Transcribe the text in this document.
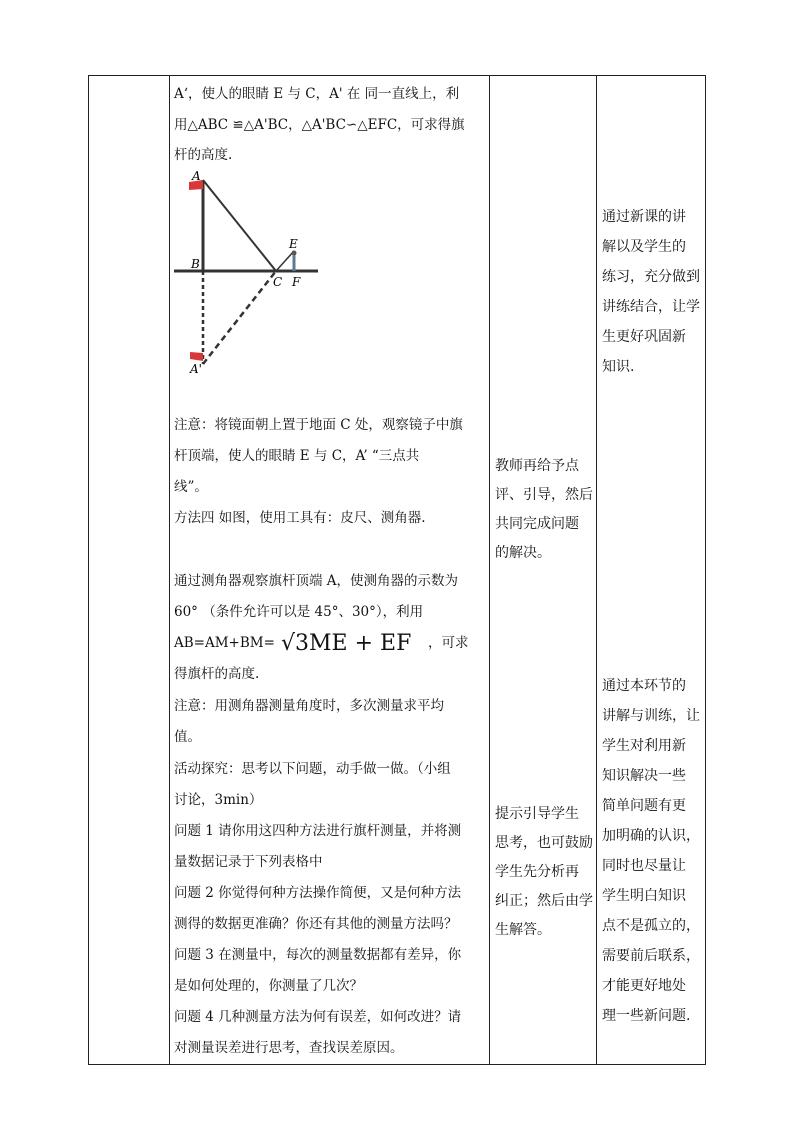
A‘，使人的眼睛 E 与 C，A' 在 同一直线上，利
用△ABC ≌△A'BC，△A'BC∽△EFC，可求得旗
杆的高度.
A
B
C F
E
A'
注意：将镜面朝上置于地面 C 处，观察镜子中旗
杆顶端，使人的眼睛 E 与 C，A’ “三点共
线”。
方法四 如图，使用工具有：皮尺、测角器.
通过测角器观察旗杆顶端 A，使测角器的示数为
60° （条件允许可以是 45°、30°），利用
AB=AM+BM= √3ME + EF ，可求
得旗杆的高度.
注意：用测角器测量角度时，多次测量求平均
值。
活动探究：思考以下问题，动手做一做。（小组
讨论，3min）
问题 1 请你用这四种方法进行旗杆测量，并将测
量数据记录于下列表格中
问题 2 你觉得何种方法操作简便，又是何种方法
测得的数据更准确？你还有其他的测量方法吗？
问题 3 在测量中，每次的测量数据都有差异，你
是如何处理的，你测量了几次？
问题 4 几种测量方法为何有误差，如何改进？请
对测量误差进行思考，查找误差原因。
教师再给予点
评、引导，然后
共同完成问题
的解决。
提示引导学生
思考，也可鼓励
学生先分析再
纠正；然后由学
生解答。
通过新课的讲
解以及学生的
练习，充分做到
讲练结合，让学
生更好巩固新
知识.
通过本环节的
讲解与训练，让
学生对利用新
知识解决一些
简单问题有更
加明确的认识，
同时也尽量让
学生明白知识
点不是孤立的，
需要前后联系，
才能更好地处
理一些新问题.
